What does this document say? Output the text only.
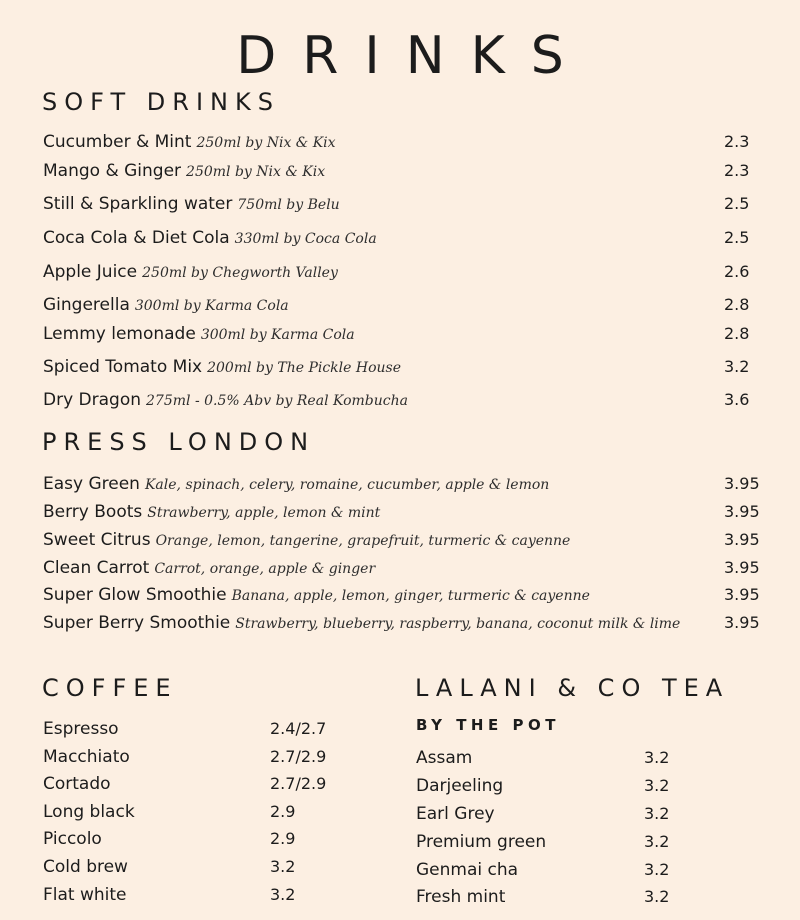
DRINKS
SOFT DRINKS
Cucumber & Mint 250ml by Nix & Kix	2.3
Mango & Ginger 250ml by Nix & Kix	2.3
Still & Sparkling water 750ml by Belu	2.5
Coca Cola & Diet Cola 330ml by Coca Cola	2.5
Apple Juice 250ml by Chegworth Valley	2.6
Gingerella 300ml by Karma Cola	2.8
Lemmy lemonade 300ml by Karma Cola	2.8
Spiced Tomato Mix 200ml by The Pickle House	3.2
Dry Dragon 275ml - 0.5% Abv by Real Kombucha	3.6
PRESS LONDON
Easy Green Kale, spinach, celery, romaine, cucumber, apple & lemon	3.95
Berry Boots Strawberry, apple, lemon & mint	3.95
Sweet Citrus Orange, lemon, tangerine, grapefruit, turmeric & cayenne	3.95
Clean Carrot Carrot, orange, apple & ginger	3.95
Super Glow Smoothie Banana, apple, lemon, ginger, turmeric & cayenne	3.95
Super Berry Smoothie Strawberry, blueberry, raspberry, banana, coconut milk & lime	3.95
COFFEE
Espresso	2.4/2.7
Macchiato	2.7/2.9
Cortado	2.7/2.9
Long black	2.9
Piccolo	2.9
Cold brew	3.2
Flat white	3.2
LALANI & CO TEA
BY THE POT
Assam	3.2
Darjeeling	3.2
Earl Grey	3.2
Premium green	3.2
Genmai cha	3.2
Fresh mint	3.2
